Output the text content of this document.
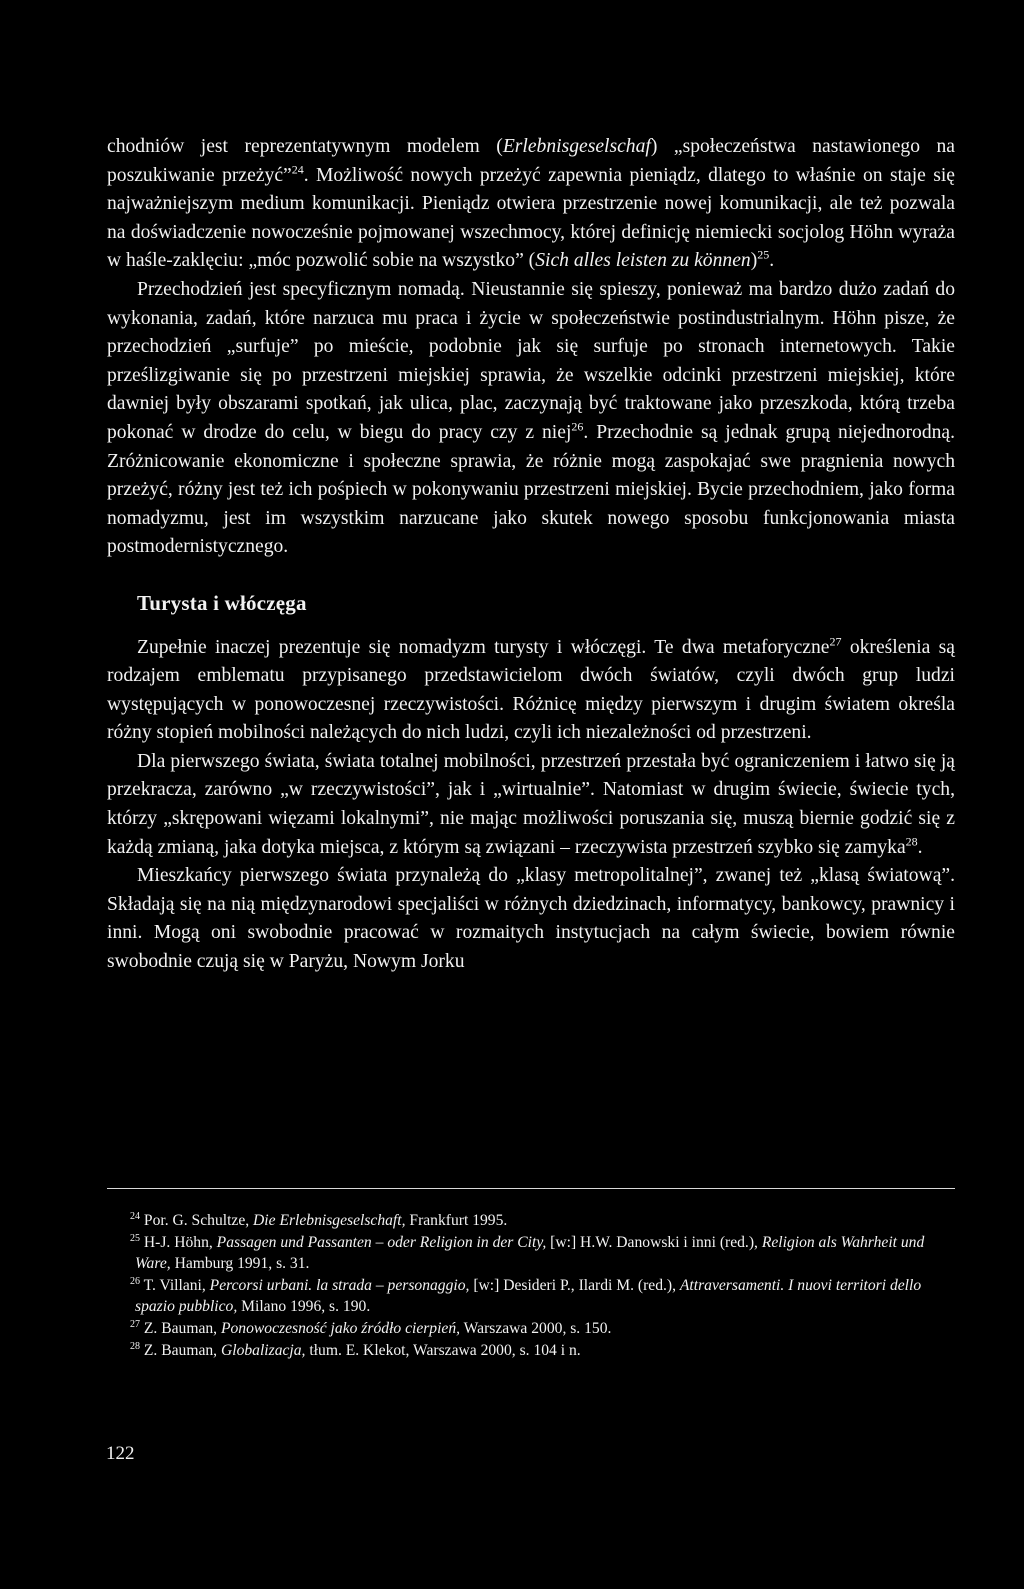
chodniów jest reprezentatywnym modelem (Erlebnisgeselschaf) „społeczeństwa nastawionego na poszukiwanie przeżyć”$^{24}$. Możliwość nowych przeżyć zapewnia pieniądz, dlatego to właśnie on staje się najważniejszym medium komunikacji. Pieniądz otwiera przestrzenie nowej komunikacji, ale też pozwala na doświadczenie nowocześnie pojmowanej wszechmocy, której definicję niemiecki socjolog Höhn wyraża w haśle-zaklęciu: „móc pozwolić sobie na wszystko” (Sich alles leisten zu können)$^{25}$.

Przechodzień jest specyficznym nomadą. Nieustannie się spieszy, ponieważ ma bardzo dużo zadań do wykonania, zadań, które narzuca mu praca i życie w społeczeństwie postindustrialnym. Höhn pisze, że przechodzień „surfuje” po mieście, podobnie jak się surfuje po stronach internetowych. Takie prześlizgiwanie się po przestrzeni miejskiej sprawia, że wszelkie odcinki przestrzeni miejskiej, które dawniej były obszarami spotkań, jak ulica, plac, zaczynają być traktowane jako przeszkoda, którą trzeba pokonać w drodze do celu, w biegu do pracy czy z niej$^{26}$. Przechodnie są jednak grupą niejednorodną. Zróżnicowanie ekonomiczne i społeczne sprawia, że różnie mogą zaspokajać swe pragnienia nowych przeżyć, różny jest też ich pośpiech w pokonywaniu przestrzeni miejskiej. Bycie przechodniem, jako forma nomadyzmu, jest im wszystkim narzucane jako skutek nowego sposobu funkcjonowania miasta postmodernistycznego.

Turysta i włóczęga

Zupełnie inaczej prezentuje się nomadyzm turysty i włóczęgi. Te dwa metaforyczne$^{27}$ określenia są rodzajem emblematu przypisanego przedstawicielom dwóch światów, czyli dwóch grup ludzi występujących w ponowoczesnej rzeczywistości. Różnicę między pierwszym i drugim światem określa różny stopień mobilności należących do nich ludzi, czyli ich niezależności od przestrzeni.

Dla pierwszego świata, świata totalnej mobilności, przestrzeń przestała być ograniczeniem i łatwo się ją przekracza, zarówno „w rzeczywistości”, jak i „wirtualnie”. Natomiast w drugim świecie, świecie tych, którzy „skrępowani więzami lokalnymi”, nie mając możliwości poruszania się, muszą biernie godzić się z każdą zmianą, jaka dotyka miejsca, z którym są związani – rzeczywista przestrzeń szybko się zamyka$^{28}$.

Mieszkańcy pierwszego świata przynależą do „klasy metropolitalnej”, zwanej też „klasą światową”. Składają się na nią międzynarodowi specjaliści w różnych dziedzinach, informatycy, bankowcy, prawnicy i inni. Mogą oni swobodnie pracować w rozmaitych instytucjach na całym świecie, bowiem równie swobodnie czują się w Paryżu, Nowym Jorku

$^{24}$ Por. G. Schultze, Die Erlebnisgeselschaft, Frankfurt 1995.

$^{25}$ H-J. Höhn, Passagen und Passanten – oder Religion in der City, [w:] H.W. Danowski i inni (red.), Religion als Wahrheit und Ware, Hamburg 1991, s. 31.

$^{26}$ T. Villani, Percorsi urbani. la strada – personaggio, [w:] Desideri P., Ilardi M. (red.), Attraversamenti. I nuovi territori dello spazio pubblico, Milano 1996, s. 190.

$^{27}$ Z. Bauman, Ponowoczesność jako źródło cierpień, Warszawa 2000, s. 150.

$^{28}$ Z. Bauman, Globalizacja, tłum. E. Klekot, Warszawa 2000, s. 104 i n.

122
